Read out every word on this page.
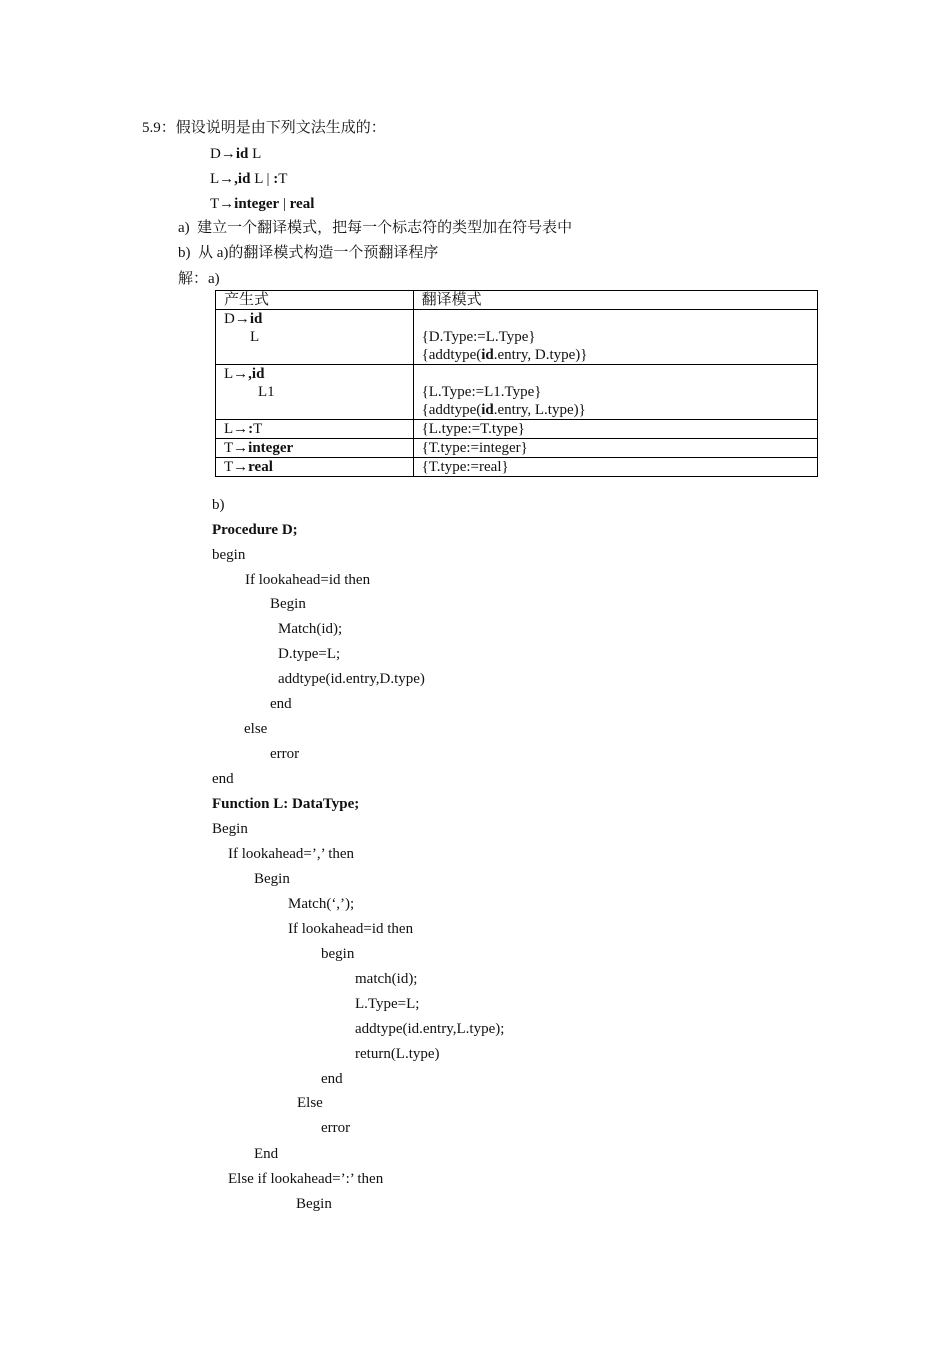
5.9：假设说明是由下列文法生成的：
D→id L
L→,id L | :T
T→integer | real
a)  建立一个翻译模式，把每一个标志符的类型加在符号表中
b)  从 a)的翻译模式构造一个预翻译程序
解：a)
产生式	翻译模式

D→id
L	{D.Type:=L.Type}
{addtype(id.entry, D.type)}

L→,id
L1	{L.Type:=L1.Type}
{addtype(id.entry, L.type)}

L→:T	{L.type:=T.type}
T→integer	{T.type:=integer}
T→real	{T.type:=real}
b)
Procedure D;
begin
If lookahead=id then
Begin
Match(id);
D.type=L;
addtype(id.entry,D.type)
end
else
error
end
Function L: DataType;
Begin
If lookahead=’,’ then
Begin
Match(‘,’);
If lookahead=id then
begin
match(id);
L.Type=L;
addtype(id.entry,L.type);
return(L.type)
end
Else
error
End
Else if lookahead=’:’ then
Begin
